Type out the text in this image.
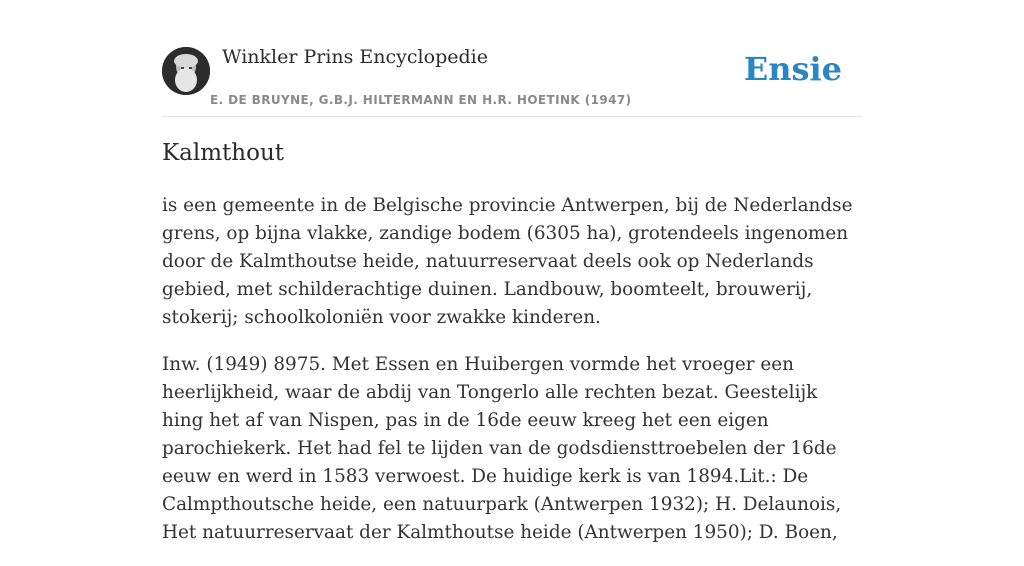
Winkler Prins Encyclopedie
E. DE BRUYNE, G.B.J. HILTERMANN EN H.R. HOETINK (1947)
Ensie
Kalmthout

is een gemeente in de Belgische provincie Antwerpen, bij de Nederlandse grens, op bijna vlakke, zandige bodem (6305 ha), grotendeels ingenomen door de Kalmthoutse heide, natuurreservaat deels ook op Nederlands gebied, met schilderachtige duinen. Landbouw, boomteelt, brouwerij, stokerij; schoolkoloniën voor zwakke kinderen.

Inw. (1949) 8975. Met Essen en Huibergen vormde het vroeger een heerlijkheid, waar de abdij van Tongerlo alle rechten bezat. Geestelijk hing het af van Nispen, pas in de 16de eeuw kreeg het een eigen parochiekerk. Het had fel te lijden van de godsdiensttroebelen der 16de eeuw en werd in 1583 verwoest. De huidige kerk is van 1894.Lit.: De Calmpthoutsche heide, een natuurpark (Antwerpen 1932); H. Delaunois, Het natuurreservaat der Kalmthoutse heide (Antwerpen 1950); D. Boen,
